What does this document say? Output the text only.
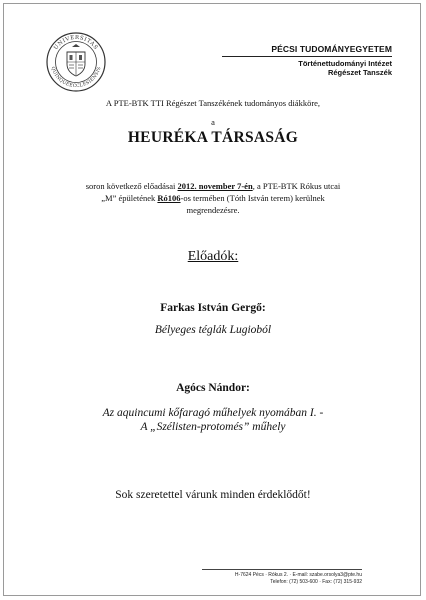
UNIVERSITAS
QUINQUEECCLESIENSIS
PÉCSI TUDOMÁNYEGYETEM
Történettudományi Intézet
Régészet Tanszék
A PTE-BTK TTI Régészet Tanszékének tudományos diákköre,
a
HEURÉKA TÁRSASÁG
soron következő előadásai 2012. november 7-én, a PTE-BTK Rókus utcai
„M” épületének Ró106-os termében (Tóth István terem) kerülnek
megrendezésre.
Előadók:
Farkas István Gergő:
Bélyeges téglák Lugioból
Agócs Nándor:
Az aquincumi kőfaragó műhelyek nyomában I. -
A „Szélisten-protomés” műhely
Sok szeretettel várunk minden érdeklődőt!
H-7624 Pécs · Rókus 2. · E-mail: szabe.orsolya3@pte.hu
Telefon: (72) 503-600 · Fax: (72) 315-932
